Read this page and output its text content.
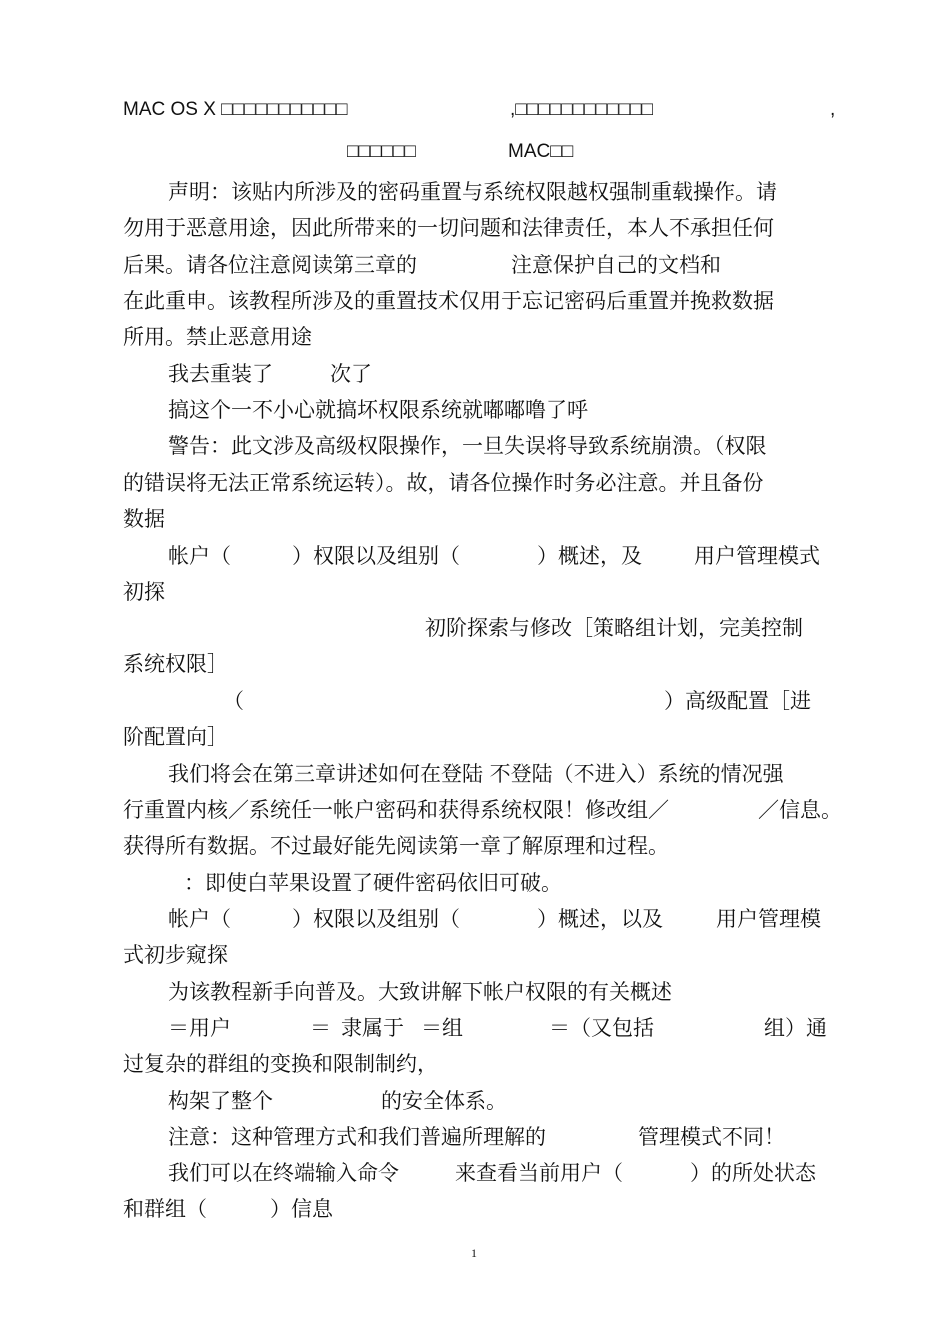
MAC OS X □□□□□□□□□□□	,□□□□□□□□□□□□	,
□□□□□□	MAC□□
声明：该贴内所涉及的密码重置与系统权限越权强制重载操作。请
勿用于恶意用途，因此所带来的一切问题和法律责任，本人不承担任何
后果。请各位注意阅读第三章的	注意保护自己的文档和
在此重申。该教程所涉及的重置技术仅用于忘记密码后重置并挽救数据
所用。禁止恶意用途
我去重装了	次了
搞这个一不小心就搞坏权限系统就嘟嘟噜了呼
警告：此文涉及高级权限操作，一旦失误将导致系统崩溃。（权限
的错误将无法正常系统运转）。故，请各位操作时务必注意。并且备份
数据
帐户（	）权限以及组别（	）概述，及 用户管理模式
初探
初阶探索与修改［策略组计划，完美控制
系统权限］
（	）高级配置［进
阶配置向］
我们将会在第三章讲述如何在登陆 不登陆（不进入）系统的情况强
行重置内核／系统任一帐户密码和获得系统权限！修改组／	／信息。
获得所有数据。不过最好能先阅读第一章了解原理和过程。
：即使白苹果设置了硬件密码依旧可破。
帐户（	）权限以及组别（	）概述，以及	用户管理模
式初步窥探
为该教程新手向普及。大致讲解下帐户权限的有关概述
＝用户	＝ 隶属于 ＝组	＝（又包括	组）通
过复杂的群组的变换和限制制约，
构架了整个	的安全体系。
注意：这种管理方式和我们普遍所理解的	管理模式不同！
我们可以在终端输入命令	来查看当前用户（	）的所处状态
和群组（	）信息
1
